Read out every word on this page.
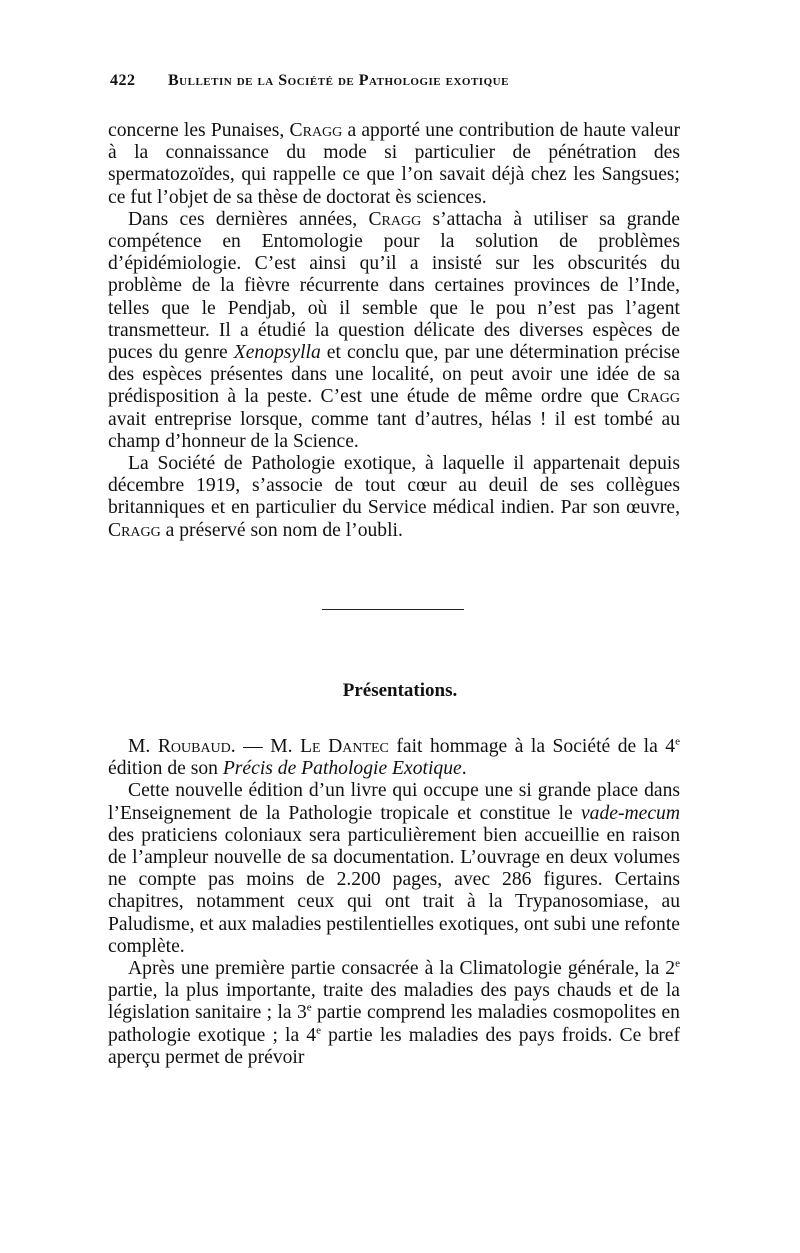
422 Bulletin de la Société de Pathologie exotique

concerne les Punaises, Cragg a apporté une contribution de haute valeur à la connaissance du mode si particulier de pénétration des spermatozoïdes, qui rappelle ce que l’on savait déjà chez les Sangsues; ce fut l’objet de sa thèse de doctorat ès sciences.

Dans ces dernières années, Cragg s’attacha à utiliser sa grande compétence en Entomologie pour la solution de problèmes d’épidémiologie. C’est ainsi qu’il a insisté sur les obscurités du problème de la fièvre récurrente dans certaines provinces de l’Inde, telles que le Pendjab, où il semble que le pou n’est pas l’agent transmetteur. Il a étudié la question délicate des diverses espèces de puces du genre Xenopsylla et conclu que, par une détermination précise des espèces présentes dans une localité, on peut avoir une idée de sa prédisposition à la peste. C’est une étude de même ordre que Cragg avait entreprise lorsque, comme tant d’autres, hélas ! il est tombé au champ d’honneur de la Science.

La Société de Pathologie exotique, à laquelle il appartenait depuis décembre 1919, s’associe de tout cœur au deuil de ses collègues britanniques et en particulier du Service médical indien. Par son œuvre, Cragg a préservé son nom de l’oubli.

Présentations.

M. Roubaud. — M. Le Dantec fait hommage à la Société de la 4e édition de son Précis de Pathologie Exotique.

Cette nouvelle édition d’un livre qui occupe une si grande place dans l’Enseignement de la Pathologie tropicale et constitue le vade-mecum des praticiens coloniaux sera particulièrement bien accueillie en raison de l’ampleur nouvelle de sa documentation. L’ouvrage en deux volumes ne compte pas moins de 2.200 pages, avec 286 figures. Certains chapitres, notamment ceux qui ont trait à la Trypanosomiase, au Paludisme, et aux maladies pestilentielles exotiques, ont subi une refonte complète.

Après une première partie consacrée à la Climatologie générale, la 2e partie, la plus importante, traite des maladies des pays chauds et de la législation sanitaire ; la 3e partie comprend les maladies cosmopolites en pathologie exotique ; la 4e partie les maladies des pays froids. Ce bref aperçu permet de prévoir
